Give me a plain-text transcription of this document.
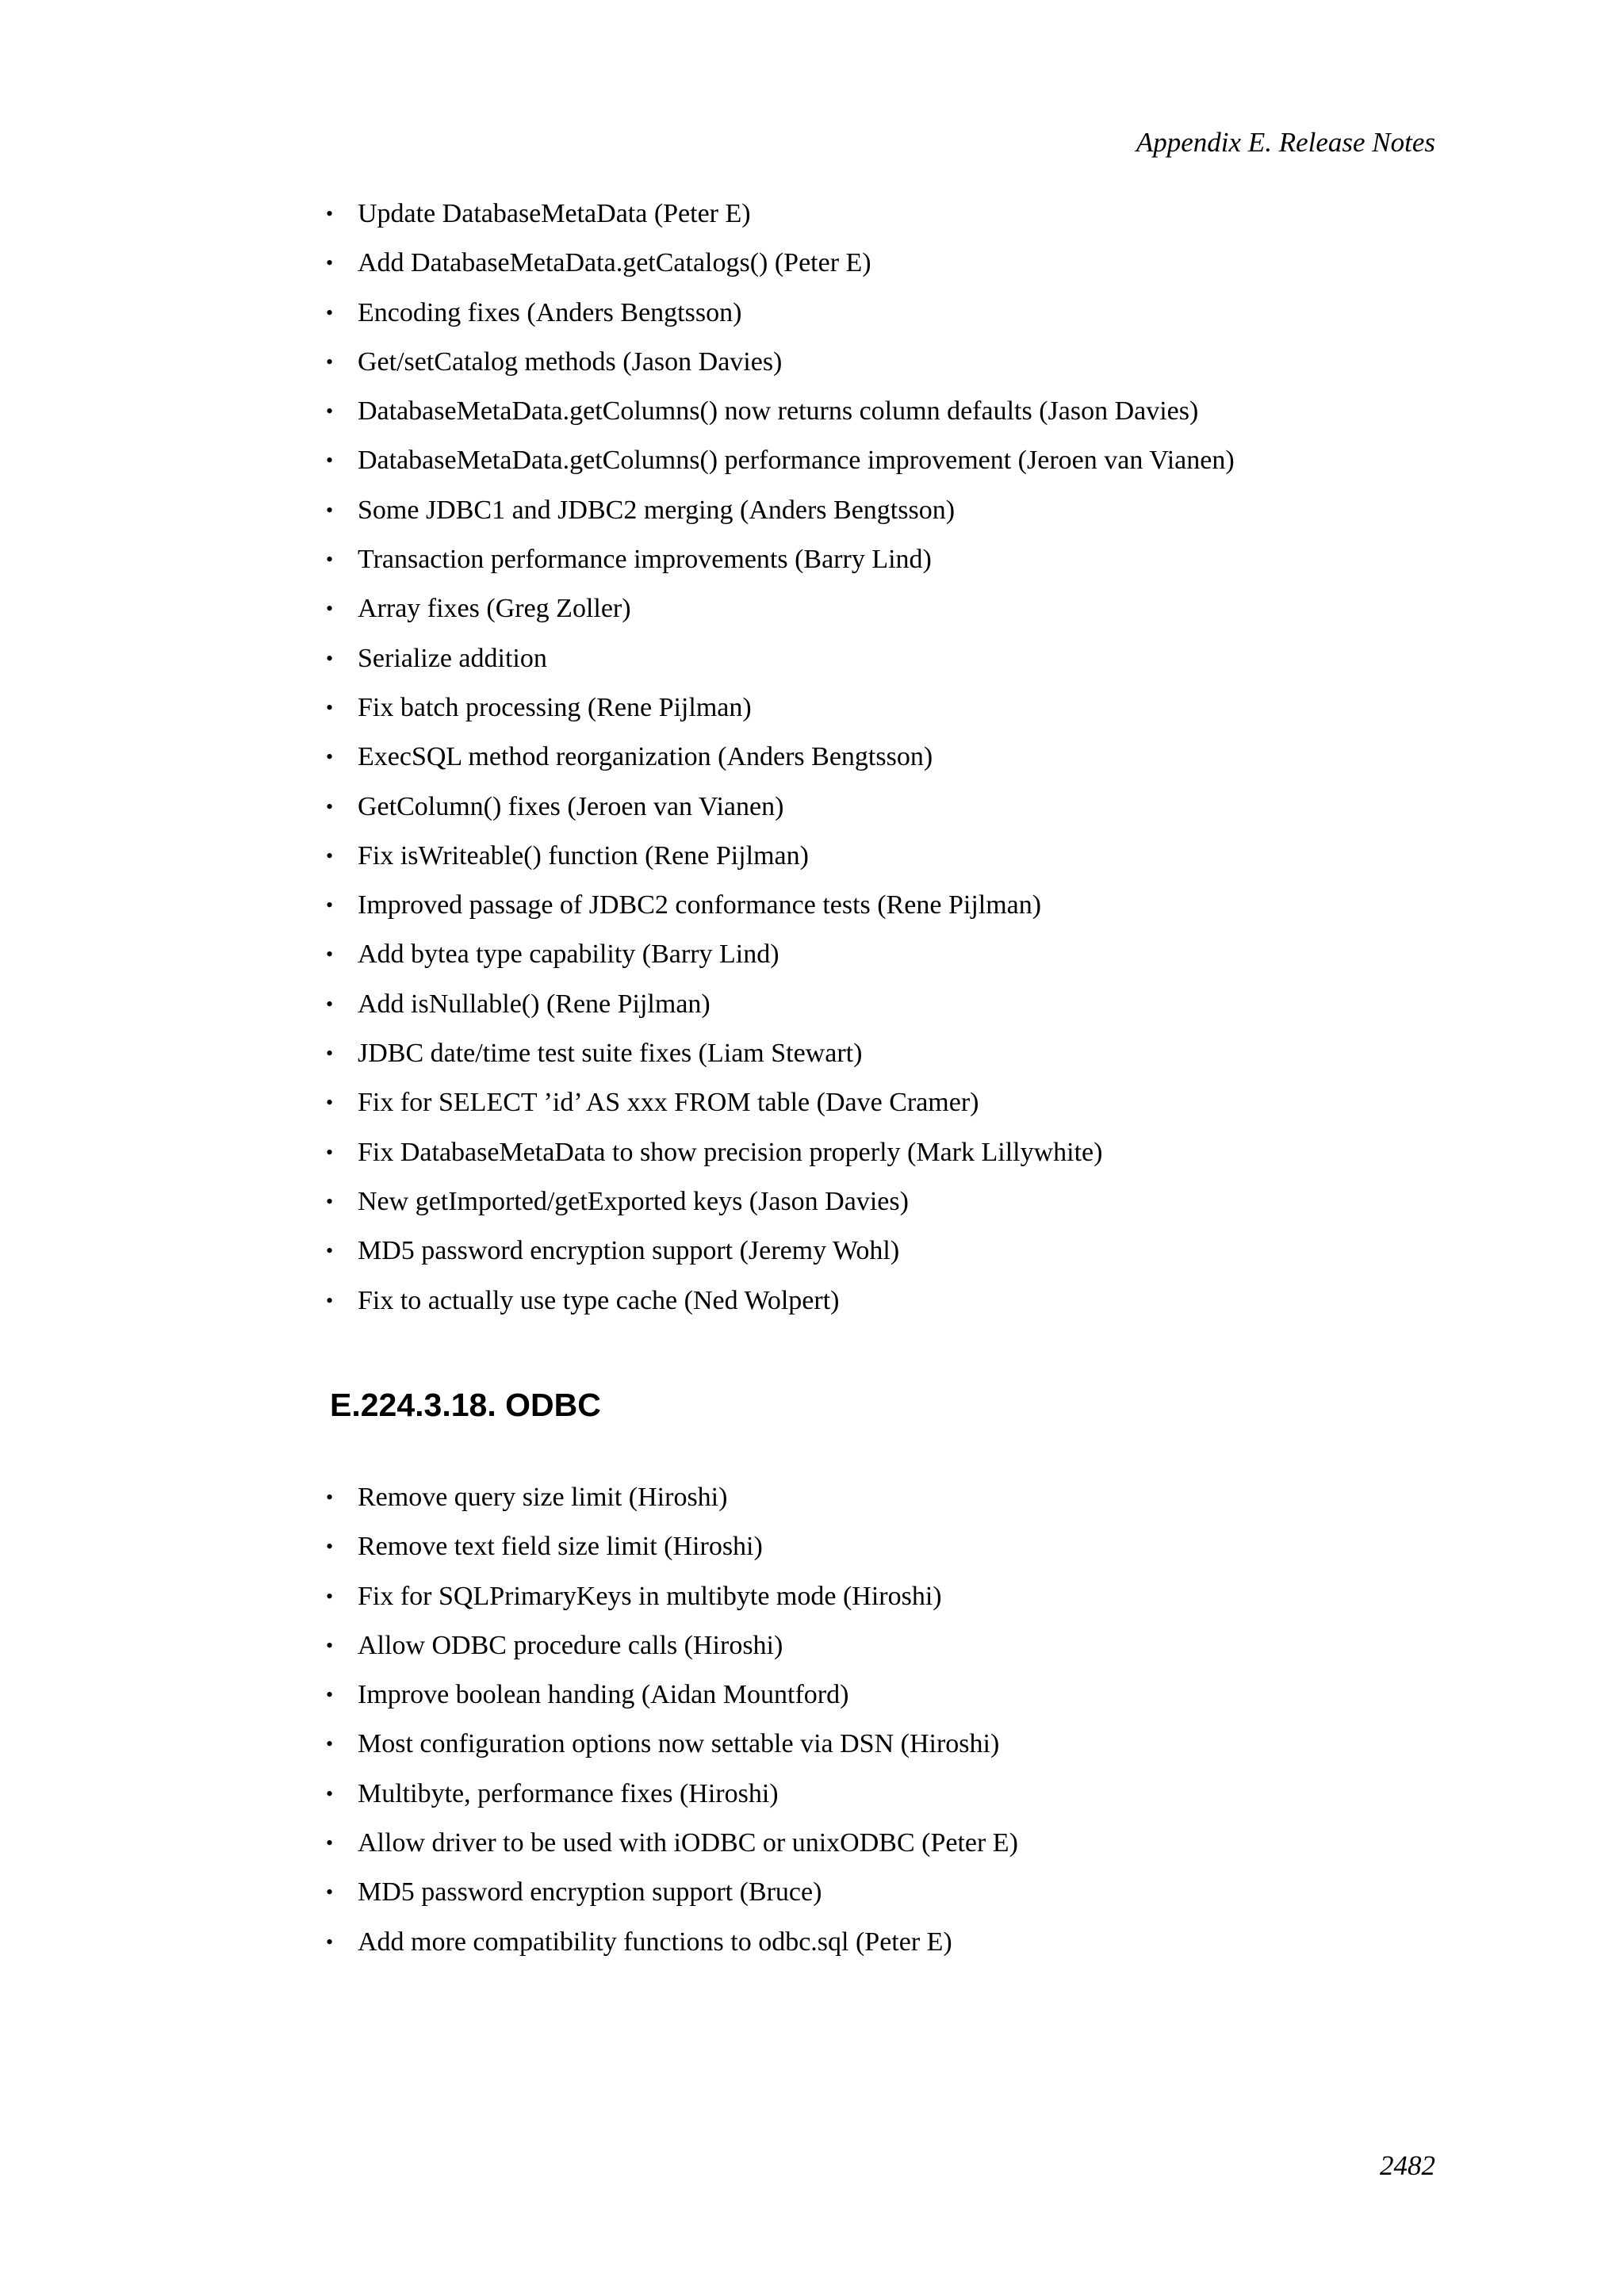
Appendix E. Release Notes
• Update DatabaseMetaData (Peter E)
• Add DatabaseMetaData.getCatalogs() (Peter E)
• Encoding fixes (Anders Bengtsson)
• Get/setCatalog methods (Jason Davies)
• DatabaseMetaData.getColumns() now returns column defaults (Jason Davies)
• DatabaseMetaData.getColumns() performance improvement (Jeroen van Vianen)
• Some JDBC1 and JDBC2 merging (Anders Bengtsson)
• Transaction performance improvements (Barry Lind)
• Array fixes (Greg Zoller)
• Serialize addition
• Fix batch processing (Rene Pijlman)
• ExecSQL method reorganization (Anders Bengtsson)
• GetColumn() fixes (Jeroen van Vianen)
• Fix isWriteable() function (Rene Pijlman)
• Improved passage of JDBC2 conformance tests (Rene Pijlman)
• Add bytea type capability (Barry Lind)
• Add isNullable() (Rene Pijlman)
• JDBC date/time test suite fixes (Liam Stewart)
• Fix for SELECT ’id’ AS xxx FROM table (Dave Cramer)
• Fix DatabaseMetaData to show precision properly (Mark Lillywhite)
• New getImported/getExported keys (Jason Davies)
• MD5 password encryption support (Jeremy Wohl)
• Fix to actually use type cache (Ned Wolpert)
E.224.3.18. ODBC
• Remove query size limit (Hiroshi)
• Remove text field size limit (Hiroshi)
• Fix for SQLPrimaryKeys in multibyte mode (Hiroshi)
• Allow ODBC procedure calls (Hiroshi)
• Improve boolean handing (Aidan Mountford)
• Most configuration options now settable via DSN (Hiroshi)
• Multibyte, performance fixes (Hiroshi)
• Allow driver to be used with iODBC or unixODBC (Peter E)
• MD5 password encryption support (Bruce)
• Add more compatibility functions to odbc.sql (Peter E)
2482
